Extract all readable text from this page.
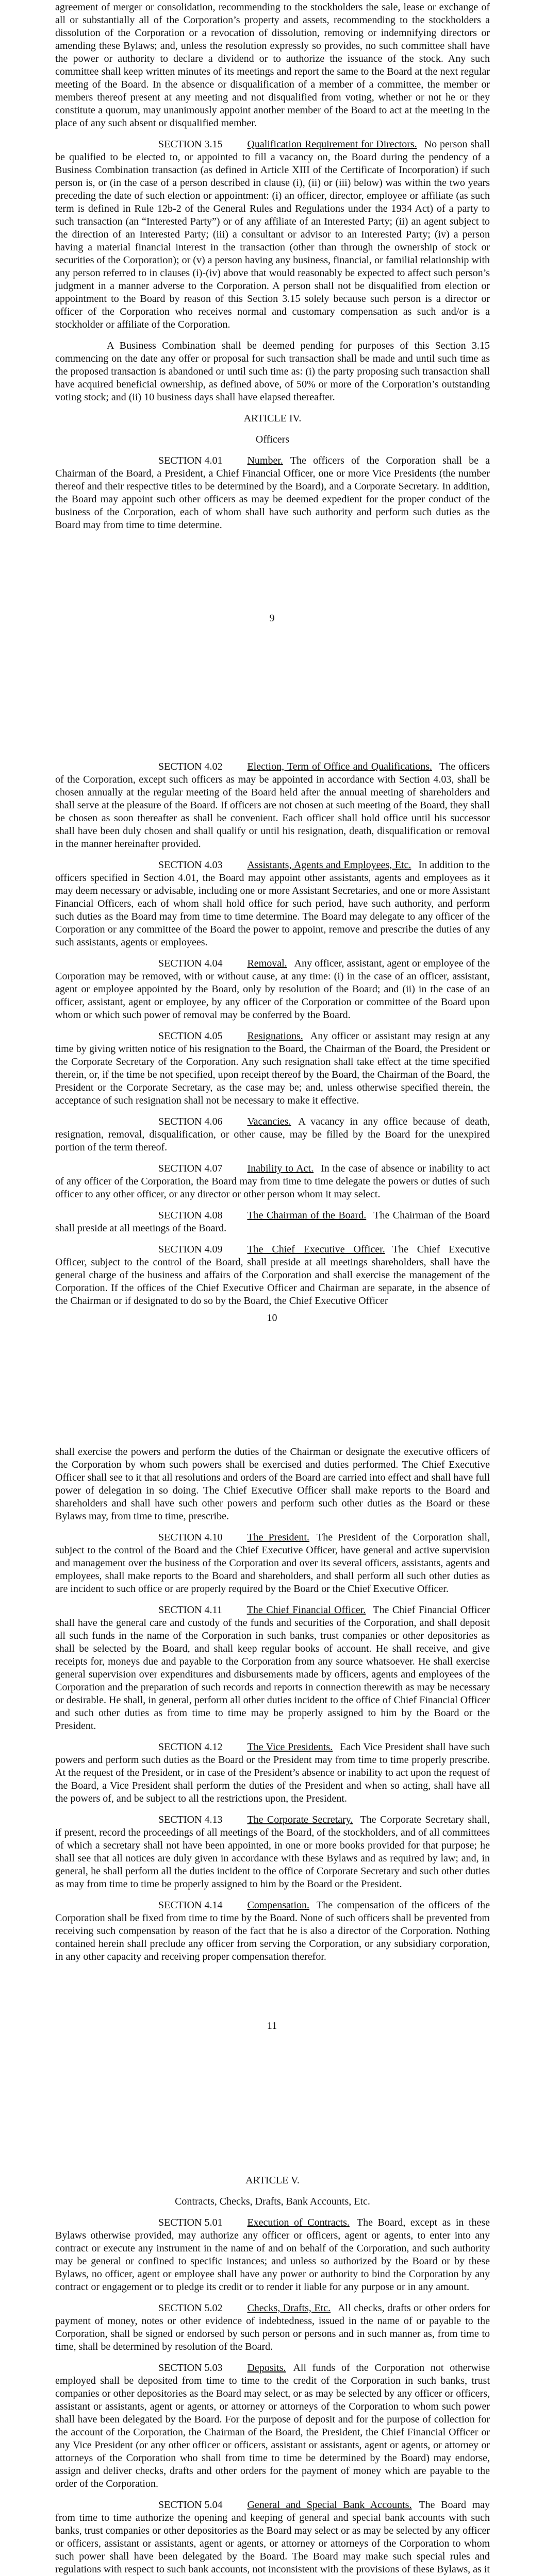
agreement of merger or consolidation, recommending to the stockholders the sale, lease or exchange of all or substantially all of the Corporation’s property and assets, recommending to the stockholders a dissolution of the Corporation or a revocation of dissolution, removing or indemnifying directors or amending these Bylaws; and, unless the resolution expressly so provides, no such committee shall have the power or authority to declare a dividend or to authorize the issuance of the stock. Any such committee shall keep written minutes of its meetings and report the same to the Board at the next regular meeting of the Board. In the absence or disqualification of a member of a committee, the member or members thereof present at any meeting and not disqualified from voting, whether or not he or they constitute a quorum, may unanimously appoint another member of the Board to act at the meeting in the place of any such absent or disqualified member.

SECTION 3.15 Qualification Requirement for Directors. No person shall be qualified to be elected to, or appointed to fill a vacancy on, the Board during the pendency of a Business Combination transaction (as defined in Article XIII of the Certificate of Incorporation) if such person is, or (in the case of a person described in clause (i), (ii) or (iii) below) was within the two years preceding the date of such election or appointment: (i) an officer, director, employee or affiliate (as such term is defined in Rule 12b-2 of the General Rules and Regulations under the 1934 Act) of a party to such transaction (an “Interested Party”) or of any affiliate of an Interested Party; (ii) an agent subject to the direction of an Interested Party; (iii) a consultant or advisor to an Interested Party; (iv) a person having a material financial interest in the transaction (other than through the ownership of stock or securities of the Corporation); or (v) a person having any business, financial, or familial relationship with any person referred to in clauses (i)-(iv) above that would reasonably be expected to affect such person’s judgment in a manner adverse to the Corporation. A person shall not be disqualified from election or appointment to the Board by reason of this Section 3.15 solely because such person is a director or officer of the Corporation who receives normal and customary compensation as such and/or is a stockholder or affiliate of the Corporation.

A Business Combination shall be deemed pending for purposes of this Section 3.15 commencing on the date any offer or proposal for such transaction shall be made and until such time as the proposed transaction is abandoned or until such time as: (i) the party proposing such transaction shall have acquired beneficial ownership, as defined above, of 50% or more of the Corporation’s outstanding voting stock; and (ii) 10 business days shall have elapsed thereafter.

ARTICLE IV.
Officers

SECTION 4.01 Number. The officers of the Corporation shall be a Chairman of the Board, a President, a Chief Financial Officer, one or more Vice Presidents (the number thereof and their respective titles to be determined by the Board), and a Corporate Secretary. In addition, the Board may appoint such other officers as may be deemed expedient for the proper conduct of the business of the Corporation, each of whom shall have such authority and perform such duties as the Board may from time to time determine.

9

SECTION 4.02 Election, Term of Office and Qualifications. The officers of the Corporation, except such officers as may be appointed in accordance with Section 4.03, shall be chosen annually at the regular meeting of the Board held after the annual meeting of shareholders and shall serve at the pleasure of the Board. If officers are not chosen at such meeting of the Board, they shall be chosen as soon thereafter as shall be convenient. Each officer shall hold office until his successor shall have been duly chosen and shall qualify or until his resignation, death, disqualification or removal in the manner hereinafter provided.

SECTION 4.03 Assistants, Agents and Employees, Etc. In addition to the officers specified in Section 4.01, the Board may appoint other assistants, agents and employees as it may deem necessary or advisable, including one or more Assistant Secretaries, and one or more Assistant Financial Officers, each of whom shall hold office for such period, have such authority, and perform such duties as the Board may from time to time determine. The Board may delegate to any officer of the Corporation or any committee of the Board the power to appoint, remove and prescribe the duties of any such assistants, agents or employees.

SECTION 4.04 Removal. Any officer, assistant, agent or employee of the Corporation may be removed, with or without cause, at any time: (i) in the case of an officer, assistant, agent or employee appointed by the Board, only by resolution of the Board; and (ii) in the case of an officer, assistant, agent or employee, by any officer of the Corporation or committee of the Board upon whom or which such power of removal may be conferred by the Board.

SECTION 4.05 Resignations. Any officer or assistant may resign at any time by giving written notice of his resignation to the Board, the Chairman of the Board, the President or the Corporate Secretary of the Corporation. Any such resignation shall take effect at the time specified therein, or, if the time be not specified, upon receipt thereof by the Board, the Chairman of the Board, the President or the Corporate Secretary, as the case may be; and, unless otherwise specified therein, the acceptance of such resignation shall not be necessary to make it effective.

SECTION 4.06 Vacancies. A vacancy in any office because of death, resignation, removal, disqualification, or other cause, may be filled by the Board for the unexpired portion of the term thereof.

SECTION 4.07 Inability to Act. In the case of absence or inability to act of any officer of the Corporation, the Board may from time to time delegate the powers or duties of such officer to any other officer, or any director or other person whom it may select.

SECTION 4.08 The Chairman of the Board. The Chairman of the Board shall preside at all meetings of the Board.

SECTION 4.09 The Chief Executive Officer. The Chief Executive Officer, subject to the control of the Board, shall preside at all meetings shareholders, shall have the general charge of the business and affairs of the Corporation and shall exercise the management of the Corporation. If the offices of the Chief Executive Officer and Chairman are separate, in the absence of the Chairman or if designated to do so by the Board, the Chief Executive Officer

10

shall exercise the powers and perform the duties of the Chairman or designate the executive officers of the Corporation by whom such powers shall be exercised and duties performed. The Chief Executive Officer shall see to it that all resolutions and orders of the Board are carried into effect and shall have full power of delegation in so doing. The Chief Executive Officer shall make reports to the Board and shareholders and shall have such other powers and perform such other duties as the Board or these Bylaws may, from time to time, prescribe.

SECTION 4.10 The President. The President of the Corporation shall, subject to the control of the Board and the Chief Executive Officer, have general and active supervision and management over the business of the Corporation and over its several officers, assistants, agents and employees, shall make reports to the Board and shareholders, and shall perform all such other duties as are incident to such office or are properly required by the Board or the Chief Executive Officer.

SECTION 4.11 The Chief Financial Officer. The Chief Financial Officer shall have the general care and custody of the funds and securities of the Corporation, and shall deposit all such funds in the name of the Corporation in such banks, trust companies or other depositories as shall be selected by the Board, and shall keep regular books of account. He shall receive, and give receipts for, moneys due and payable to the Corporation from any source whatsoever. He shall exercise general supervision over expenditures and disbursements made by officers, agents and employees of the Corporation and the preparation of such records and reports in connection therewith as may be necessary or desirable. He shall, in general, perform all other duties incident to the office of Chief Financial Officer and such other duties as from time to time may be properly assigned to him by the Board or the President.

SECTION 4.12 The Vice Presidents. Each Vice President shall have such powers and perform such duties as the Board or the President may from time to time properly prescribe. At the request of the President, or in case of the President’s absence or inability to act upon the request of the Board, a Vice President shall perform the duties of the President and when so acting, shall have all the powers of, and be subject to all the restrictions upon, the President.

SECTION 4.13 The Corporate Secretary. The Corporate Secretary shall, if present, record the proceedings of all meetings of the Board, of the stockholders, and of all committees of which a secretary shall not have been appointed, in one or more books provided for that purpose; he shall see that all notices are duly given in accordance with these Bylaws and as required by law; and, in general, he shall perform all the duties incident to the office of Corporate Secretary and such other duties as may from time to time be properly assigned to him by the Board or the President.

SECTION 4.14 Compensation. The compensation of the officers of the Corporation shall be fixed from time to time by the Board. None of such officers shall be prevented from receiving such compensation by reason of the fact that he is also a director of the Corporation. Nothing contained herein shall preclude any officer from serving the Corporation, or any subsidiary corporation, in any other capacity and receiving proper compensation therefor.

11
ARTICLE V.
Contracts, Checks, Drafts, Bank Accounts, Etc.

SECTION 5.01 Execution of Contracts. The Board, except as in these Bylaws otherwise provided, may authorize any officer or officers, agent or agents, to enter into any contract or execute any instrument in the name of and on behalf of the Corporation, and such authority may be general or confined to specific instances; and unless so authorized by the Board or by these Bylaws, no officer, agent or employee shall have any power or authority to bind the Corporation by any contract or engagement or to pledge its credit or to render it liable for any purpose or in any amount.

SECTION 5.02 Checks, Drafts, Etc. All checks, drafts or other orders for payment of money, notes or other evidence of indebtedness, issued in the name of or payable to the Corporation, shall be signed or endorsed by such person or persons and in such manner as, from time to time, shall be determined by resolution of the Board.

SECTION 5.03 Deposits. All funds of the Corporation not otherwise employed shall be deposited from time to time to the credit of the Corporation in such banks, trust companies or other depositories as the Board may select, or as may be selected by any officer or officers, assistant or assistants, agent or agents, or attorney or attorneys of the Corporation to whom such power shall have been delegated by the Board. For the purpose of deposit and for the purpose of collection for the account of the Corporation, the Chairman of the Board, the President, the Chief Financial Officer or any Vice President (or any other officer or officers, assistant or assistants, agent or agents, or attorney or attorneys of the Corporation who shall from time to time be determined by the Board) may endorse, assign and deliver checks, drafts and other orders for the payment of money which are payable to the order of the Corporation.

SECTION 5.04 General and Special Bank Accounts. The Board may from time to time authorize the opening and keeping of general and special bank accounts with such banks, trust companies or other depositories as the Board may select or as may be selected by any officer or officers, assistant or assistants, agent or agents, or attorney or attorneys of the Corporation to whom such power shall have been delegated by the Board. The Board may make such special rules and regulations with respect to such bank accounts, not inconsistent with the provisions of these Bylaws, as it
